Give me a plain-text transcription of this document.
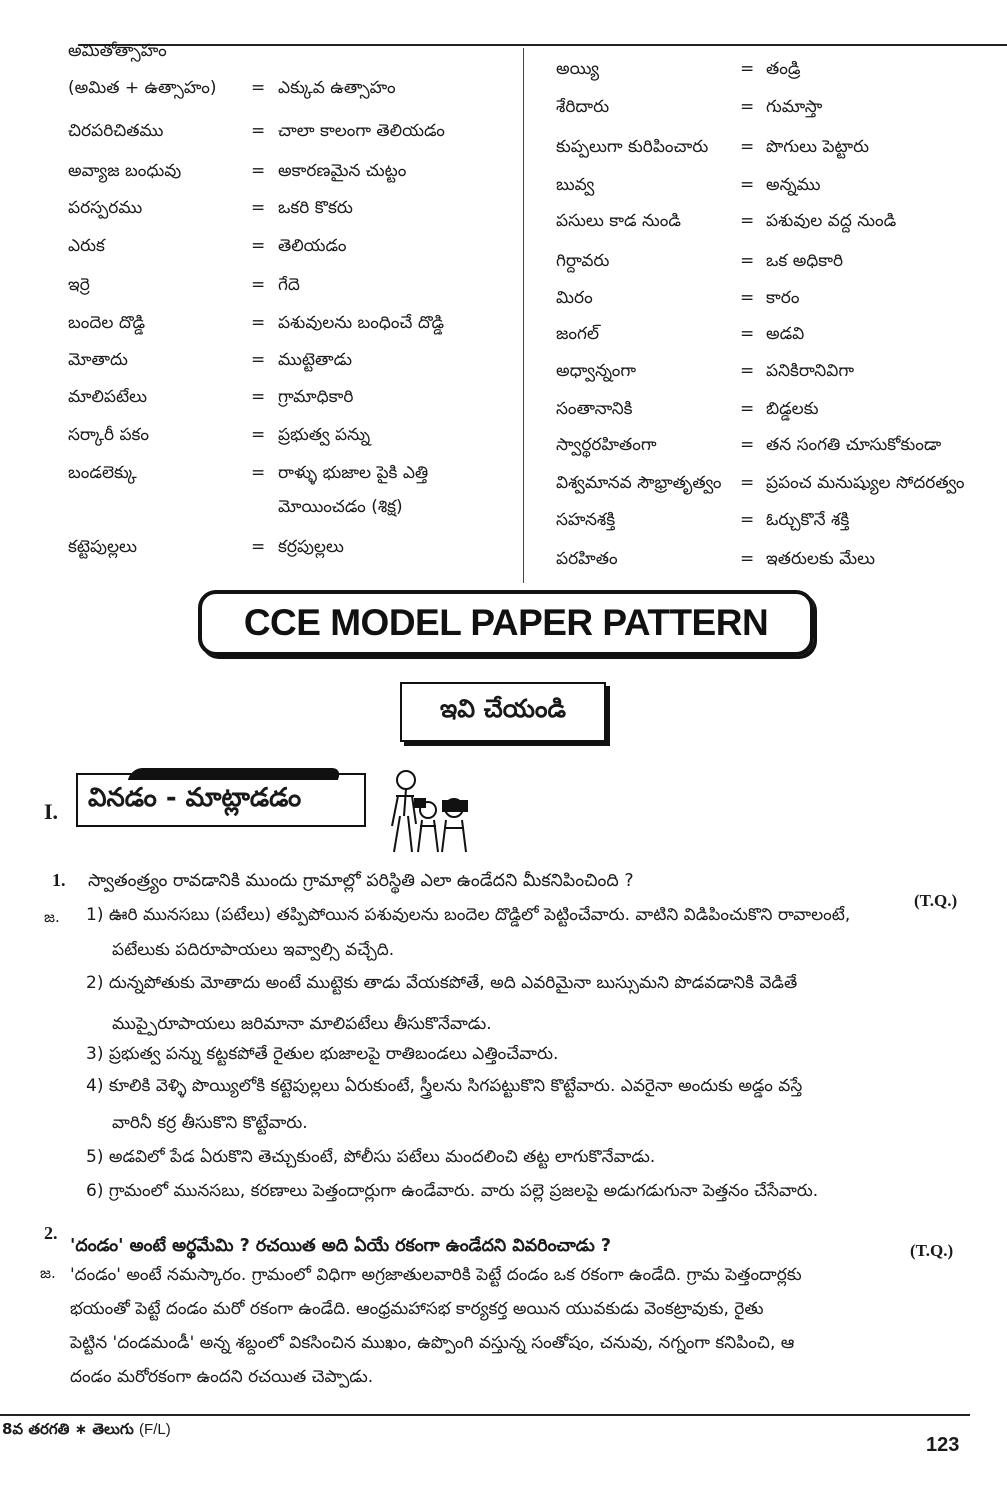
అమితోత్సాహం
(అమిత + ఉత్సాహం) = ఎక్కువ ఉత్సాహం
చిరపరిచితము	= చాలా కాలంగా తెలియడం
అవ్యాజ బంధువు	= అకారణమైన చుట్టం
పరస్పరము	= ఒకరి కొకరు
ఎరుక	= తెలియడం
ఇర్రె	= గేదె
బందెల దొడ్డి	= పశువులను బంధించే దొడ్డి
మోతాదు	= ముట్టెతాడు
మాలిపటేలు	= గ్రామాధికారి
సర్కారీ పకం	= ప్రభుత్వ పన్ను
బండలెక్కు	= రాళ్ళు భుజాల పైకి ఎత్తి
మోయించడం (శిక్ష)
కట్టెపుల్లలు	= కర్రపుల్లలు
అయ్యి	= తండ్రి
శేరిదారు	= గుమాస్తా
కుప్పలుగా కురిపించారు = పొగులు పెట్టారు
బువ్వ	= అన్నము
పసులు కాడ నుండి	= పశువుల వద్ద నుండి
గిర్దావరు	= ఒక అధికారి
మిరం	= కారం
జంగల్	= అడవి
అధ్వాన్నంగా	= పనికిరానివిగా
సంతానానికి	= బిడ్డలకు
స్వార్థరహితంగా	= తన సంగతి చూసుకోకుండా
విశ్వమానవ సౌభ్రాతృత్వం = ప్రపంచ మనుష్యుల సోదరత్వం
సహనశక్తి	= ఓర్చుకొనే శక్తి
పరహితం	= ఇతరులకు మేలు
CCE MODEL PAPER PATTERN
ఇవి చేయండి
I. వినడం - మాట్లాడడం
1. స్వాతంత్ర్యం రావడానికి ముందు గ్రామాల్లో పరిస్థితి ఎలా ఉండేదని మీకనిపించింది ?
(T.Q.)
జ. 1) ఊరి మునసబు (పటేలు) తప్పిపోయిన పశువులను బందెల దొడ్డిలో పెట్టించేవారు. వాటిని విడిపించుకొని రావాలంటే,
పటేలుకు పదిరూపాయలు ఇవ్వాల్సి వచ్చేది.
2) దున్నపోతుకు మోతాదు అంటే ముట్టెకు తాడు వేయకపోతే, అది ఎవరిమైనా బుస్సుమని పొడవడానికి వెడితే
ముప్పైరూపాయలు జరిమానా మాలిపటేలు తీసుకొనేవాడు.
3) ప్రభుత్వ పన్ను కట్టకపోతే రైతుల భుజాలపై రాతిబండలు ఎత్తించేవారు.
4) కూలికి వెళ్ళి పొయ్యిలోకి కట్టెపుల్లలు ఏరుకుంటే, స్త్రీలను సిగపట్టుకొని కొట్టేవారు. ఎవరైనా అందుకు అడ్డం వస్తే
వారినీ కర్ర తీసుకొని కొట్టేవారు.
5) అడవిలో పేడ ఏరుకొని తెచ్చుకుంటే, పోలీసు పటేలు మందలించి తట్ట లాగుకొనేవాడు.
6) గ్రామంలో మునసబు, కరణాలు పెత్తందార్లుగా ఉండేవారు. వారు పల్లె ప్రజలపై అడుగడుగునా పెత్తనం చేసేవారు.
2.
'దండం' అంటే అర్థమేమి ? రచయిత అది ఏయే రకంగా ఉండేదని వివరించాడు ?	(T.Q.)
జ. 'దండం' అంటే నమస్కారం. గ్రామంలో విధిగా అగ్రజాతులవారికి పెట్టే దండం ఒక రకంగా ఉండేది. గ్రామ పెత్తందార్లకు
భయంతో పెట్టే దండం మరో రకంగా ఉండేది. ఆంధ్రమహాసభ కార్యకర్త అయిన యువకుడు వెంకట్రావుకు, రైతు
పెట్టిన 'దండమండీ' అన్న శబ్దంలో వికసించిన ముఖం, ఉప్పొంగి వస్తున్న సంతోషం, చనువు, నగ్నంగా కనిపించి, ఆ
దండం మరోరకంగా ఉందని రచయిత చెప్పాడు.
8వ తరగతి ∗ తెలుగు (F/L)
123
